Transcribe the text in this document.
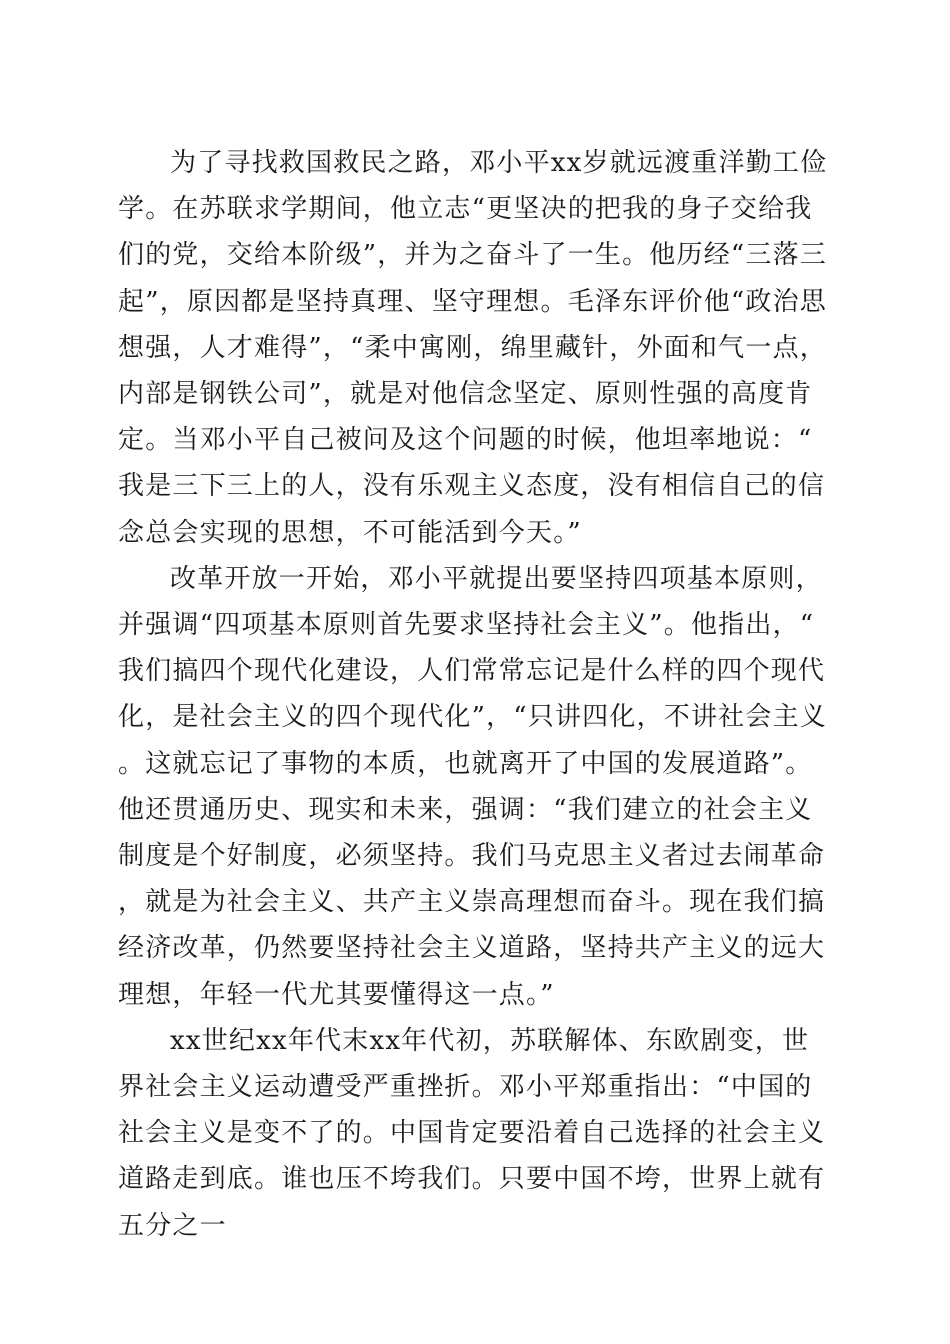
为了寻找救国救民之路，邓小平xx岁就远渡重洋勤工俭学。在苏联求学期间，他立志“更坚决的把我的身子交给我们的党，交给本阶级”，并为之奋斗了一生。他历经“三落三起”，原因都是坚持真理、坚守理想。毛泽东评价他“政治思想强，人才难得”，“柔中寓刚，绵里藏针，外面和气一点，内部是钢铁公司”，就是对他信念坚定、原则性强的高度肯定。当邓小平自己被问及这个问题的时候，他坦率地说：“我是三下三上的人，没有乐观主义态度，没有相信自己的信念总会实现的思想，不可能活到今天。”

改革开放一开始，邓小平就提出要坚持四项基本原则，并强调“四项基本原则首先要求坚持社会主义”。他指出，“我们搞四个现代化建设，人们常常忘记是什么样的四个现代化，是社会主义的四个现代化”，“只讲四化，不讲社会主义。这就忘记了事物的本质，也就离开了中国的发展道路”。他还贯通历史、现实和未来，强调：“我们建立的社会主义制度是个好制度，必须坚持。我们马克思主义者过去闹革命，就是为社会主义、共产主义崇高理想而奋斗。现在我们搞经济改革，仍然要坚持社会主义道路，坚持共产主义的远大理想，年轻一代尤其要懂得这一点。”

xx世纪xx年代末xx年代初，苏联解体、东欧剧变，世界社会主义运动遭受严重挫折。邓小平郑重指出：“中国的社会主义是变不了的。中国肯定要沿着自己选择的社会主义道路走到底。谁也压不垮我们。只要中国不垮，世界上就有五分之一
